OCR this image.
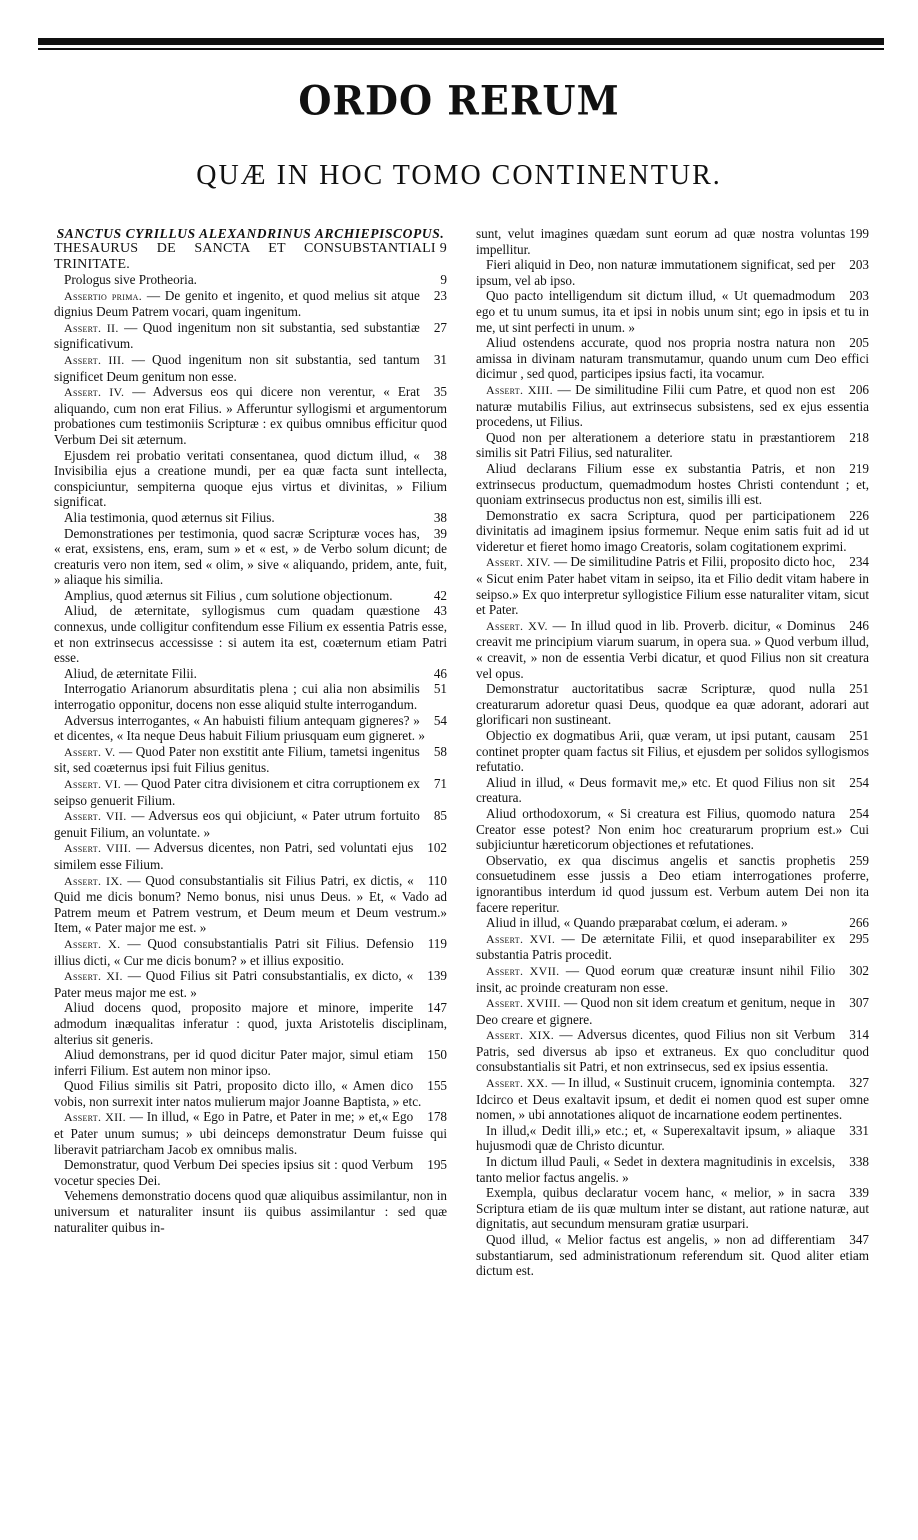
ORDO RERUM
QUÆ IN HOC TOMO CONTINENTUR.
SANCTUS CYRILLUS ALEXANDRINUS ARCHIEPISCOPUS.
9
THESAURUS DE SANCTA ET CONSUBSTANTIALI TRINITATE.

9
Prologus sive Protheoria.

23
Assertio prima. — De genito et ingenito, et quod melius sit atque dignius Deum Patrem vocari, quam ingenitum.

27
Assert. II. — Quod ingenitum non sit substantia, sed substantiæ significativum.

31
Assert. III. — Quod ingenitum non sit substantia, sed tantum significet Deum genitum non esse.

35
Assert. IV. — Adversus eos qui dicere non verentur, « Erat aliquando, cum non erat Filius. » Afferuntur syllogismi et argumentorum probationes cum testimoniis Scripturæ : ex quibus omnibus efficitur quod Verbum Dei sit æternum.

38
Ejusdem rei probatio veritati consentanea, quod dictum illud, « Invisibilia ejus a creatione mundi, per ea quæ facta sunt intellecta, conspiciuntur, sempiterna quoque ejus virtus et divinitas, » Filium significat.

38
Alia testimonia, quod æternus sit Filius.

39
Demonstrationes per testimonia, quod sacræ Scripturæ voces has, « erat, exsistens, ens, eram, sum » et « est, » de Verbo solum dicunt; de creaturis vero non item, sed « olim, » sive « aliquando, pridem, ante, fuit, » aliaque his similia.

42
Amplius, quod æternus sit Filius , cum solutione objectionum.

43
Aliud, de æternitate, syllogismus cum quadam quæstione connexus, unde colligitur confitendum esse Filium ex essentia Patris esse, et non extrinsecus accessisse : si autem ita est, coæternum etiam Patri esse.

46
Aliud, de æternitate Filii.

51
Interrogatio Arianorum absurditatis plena ; cui alia non absimilis interrogatio opponitur, docens non esse aliquid stulte interrogandum.

54
Adversus interrogantes, « An habuisti filium antequam gigneres? » et dicentes, « Ita neque Deus habuit Filium priusquam eum gigneret. »

58
Assert. V. — Quod Pater non exstitit ante Filium, tametsi ingenitus sit, sed coæternus ipsi fuit Filius genitus.

71
Assert. VI. — Quod Pater citra divisionem et citra corruptionem ex seipso genuerit Filium.

85
Assert. VII. — Adversus eos qui objiciunt, « Pater utrum fortuito genuit Filium, an voluntate. »

102
Assert. VIII. — Adversus dicentes, non Patri, sed voluntati ejus similem esse Filium.

110
Assert. IX. — Quod consubstantialis sit Filius Patri, ex dictis, « Quid me dicis bonum? Nemo bonus, nisi unus Deus. » Et, « Vado ad Patrem meum et Patrem vestrum, et Deum meum et Deum vestrum.» Item, « Pater major me est. »

119
Assert. X. — Quod consubstantialis Patri sit Filius. Defensio illius dicti, « Cur me dicis bonum? » et illius expositio.

139
Assert. XI. — Quod Filius sit Patri consubstantialis, ex dicto, « Pater meus major me est. »

147
Aliud docens quod, proposito majore et minore, imperite admodum inæqualitas inferatur : quod, juxta Aristotelis disciplinam, alterius sit generis.

150
Aliud demonstrans, per id quod dicitur Pater major, simul etiam inferri Filium. Est autem non minor ipso.

155
Quod Filius similis sit Patri, proposito dicto illo, « Amen dico vobis, non surrexit inter natos mulierum major Joanne Baptista, » etc.

178
Assert. XII. — In illud, « Ego in Patre, et Pater in me; » et,« Ego et Pater unum sumus; » ubi deinceps demonstratur Deum fuisse qui liberavit patriarcham Jacob ex omnibus malis.

195
Demonstratur, quod Verbum Dei species ipsius sit : quod Verbum vocetur species Dei.

Vehemens demonstratio docens quod quæ aliquibus assimilantur, non in universum et naturaliter insunt iis quibus assimilantur : sed quæ naturaliter quibus in-

199
sunt, velut imagines quædam sunt eorum ad quæ nostra voluntas impellitur.

203
Fieri aliquid in Deo, non naturæ immutationem significat, sed per ipsum, vel ab ipso.

203
Quo pacto intelligendum sit dictum illud, « Ut quemadmodum ego et tu unum sumus, ita et ipsi in nobis unum sint; ego in ipsis et tu in me, ut sint perfecti in unum. »

205
Aliud ostendens accurate, quod nos propria nostra natura non amissa in divinam naturam transmutamur, quando unum cum Deo effici dicimur , sed quod, participes ipsius facti, ita vocamur.

206
Assert. XIII. — De similitudine Filii cum Patre, et quod non est naturæ mutabilis Filius, aut extrinsecus subsistens, sed ex ejus essentia procedens, ut Filius.

218
Quod non per alterationem a deteriore statu in præstantiorem similis sit Patri Filius, sed naturaliter.

219
Aliud declarans Filium esse ex substantia Patris, et non extrinsecus productum, quemadmodum hostes Christi contendunt ; et, quoniam extrinsecus productus non est, similis illi est.

226
Demonstratio ex sacra Scriptura, quod per participationem divinitatis ad imaginem ipsius formemur. Neque enim satis fuit ad id ut videretur et fieret homo imago Creatoris, solam cogitationem exprimi.

234
Assert. XIV. — De similitudine Patris et Filii, proposito dicto hoc, « Sicut enim Pater habet vitam in seipso, ita et Filio dedit vitam habere in seipso.» Ex quo interpretur syllogistice Filium esse naturaliter vitam, sicut et Pater.

246
Assert. XV. — In illud quod in lib. Proverb. dicitur, « Dominus creavit me principium viarum suarum, in opera sua. » Quod verbum illud, « creavit, » non de essentia Verbi dicatur, et quod Filius non sit creatura vel opus.

251
Demonstratur auctoritatibus sacræ Scripturæ, quod nulla creaturarum adoretur quasi Deus, quodque ea quæ adorant, adorari aut glorificari non sustineant.

251
Objectio ex dogmatibus Arii, quæ veram, ut ipsi putant, causam continet propter quam factus sit Filius, et ejusdem per solidos syllogismos refutatio.

254
Aliud in illud, « Deus formavit me,» etc. Et quod Filius non sit creatura.

254
Aliud orthodoxorum, « Si creatura est Filius, quomodo natura Creator esse potest? Non enim hoc creaturarum proprium est.» Cui subjiciuntur hæreticorum objectiones et refutationes.

259
Observatio, ex qua discimus angelis et sanctis prophetis consuetudinem esse jussis a Deo etiam interrogationes proferre, ignorantibus interdum id quod jussum est. Verbum autem Dei non ita facere reperitur.

266
Aliud in illud, « Quando præparabat cœlum, ei aderam. »

295
Assert. XVI. — De æternitate Filii, et quod inseparabiliter ex substantia Patris procedit.

302
Assert. XVII. — Quod eorum quæ creaturæ insunt nihil Filio insit, ac proinde creaturam non esse.

307
Assert. XVIII. — Quod non sit idem creatum et genitum, neque in Deo creare et gignere.

314
Assert. XIX. — Adversus dicentes, quod Filius non sit Verbum Patris, sed diversus ab ipso et extraneus. Ex quo concluditur quod consubstantialis sit Patri, et non extrinsecus, sed ex ipsius essentia.

327
Assert. XX. — In illud, « Sustinuit crucem, ignominia contempta. Idcirco et Deus exaltavit ipsum, et dedit ei nomen quod est super omne nomen, » ubi annotationes aliquot de incarnatione eodem pertinentes.

331
In illud,« Dedit illi,» etc.; et, « Superexaltavit ipsum, » aliaque hujusmodi quæ de Christo dicuntur.

338
In dictum illud Pauli, « Sedet in dextera magnitudinis in excelsis, tanto melior factus angelis. »

339
Exempla, quibus declaratur vocem hanc, « melior, » in sacra Scriptura etiam de iis quæ multum inter se distant, aut ratione naturæ, aut dignitatis, aut secundum mensuram gratiæ usurpari.

347
Quod illud, « Melior factus est angelis, » non ad differentiam substantiarum, sed administrationum referendum sit. Quod aliter etiam dictum est.
